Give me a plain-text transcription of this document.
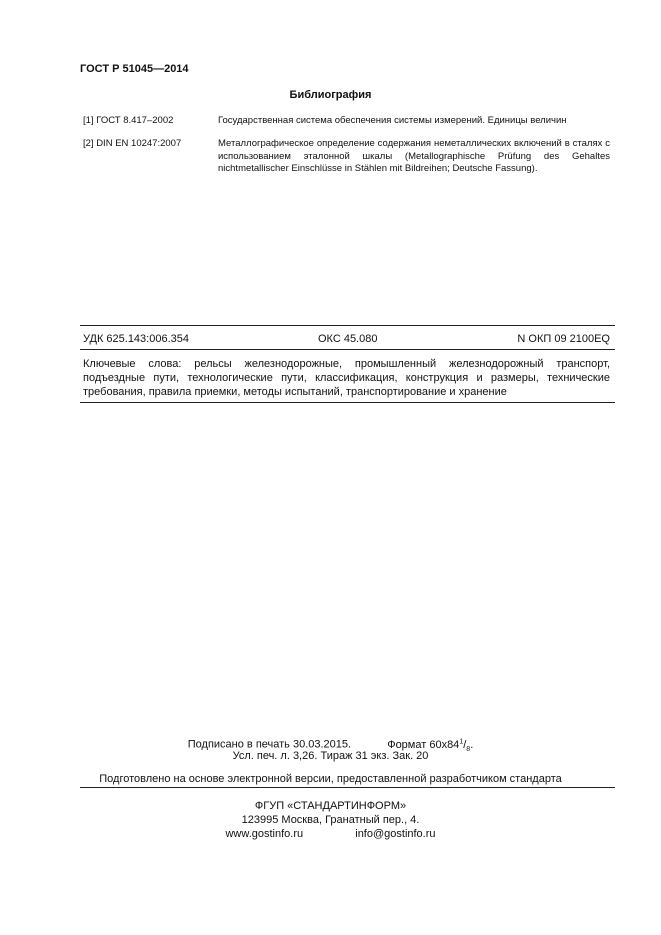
ГОСТ Р 51045—2014
Библиография
[1] ГОСТ 8.417–2002	Государственная система обеспечения системы измерений. Единицы величин
[2] DIN EN 10247:2007	Металлографическое определение содержания неметаллических включений в сталях с использованием эталонной шкалы (Metallographische Prüfung des Gehaltes nichtmetallischer Einschlüsse in Stählen mit Bildreihen; Deutsche Fassung).
УДК 625.143:006.354	ОКС 45.080	N ОКП 09 2100EQ
Ключевые слова: рельсы железнодорожные, промышленный железнодорожный транспорт, подъездные пути, технологические пути, классификация, конструкция и размеры, технические требования, правила приемки, методы испытаний, транспортирование и хранение
Подписано в печать 30.03.2015.	Формат $60x84^1/_8$.
Усл. печ. л. 3,26. Тираж 31 экз. Зак. 20
Подготовлено на основе электронной версии, предоставленной разработчиком стандарта
ФГУП «СТАНДАРТИНФОРМ»
123995 Москва, Гранатный пер., 4.
www.gostinfo.ru	info@gostinfo.ru
